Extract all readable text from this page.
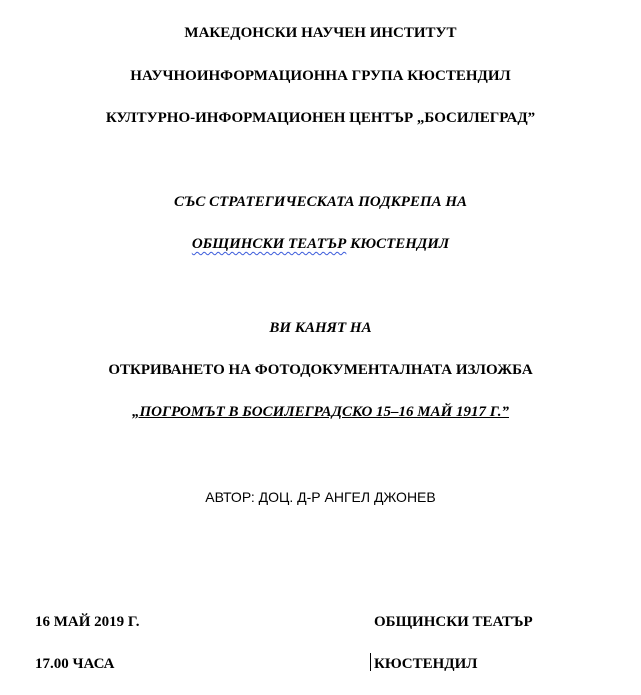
МАКЕДОНСКИ НАУЧЕН ИНСТИТУТ
НАУЧНОИНФОРМАЦИОННА ГРУПА КЮСТЕНДИЛ
КУЛТУРНО-ИНФОРМАЦИОНЕН ЦЕНТЪР „БОСИЛЕГРАД”
СЪС СТРАТЕГИЧЕСКАТА ПОДКРЕПА НА
ОБЩИНСКИ ТЕАТЪР КЮСТЕНДИЛ
ВИ КАНЯТ НА
ОТКРИВАНЕТО НА ФОТОДОКУМЕНТАЛНАТА ИЗЛОЖБА
„ПОГРОМЪТ В БОСИЛЕГРАДСКО 15–16 МАЙ 1917 Г.”
АВТОР: ДОЦ. Д-Р АНГЕЛ ДЖОНЕВ
16 МАЙ 2019 Г.
17.00 ЧАСА
ОБЩИНСКИ ТЕАТЪР
КЮСТЕНДИЛ
